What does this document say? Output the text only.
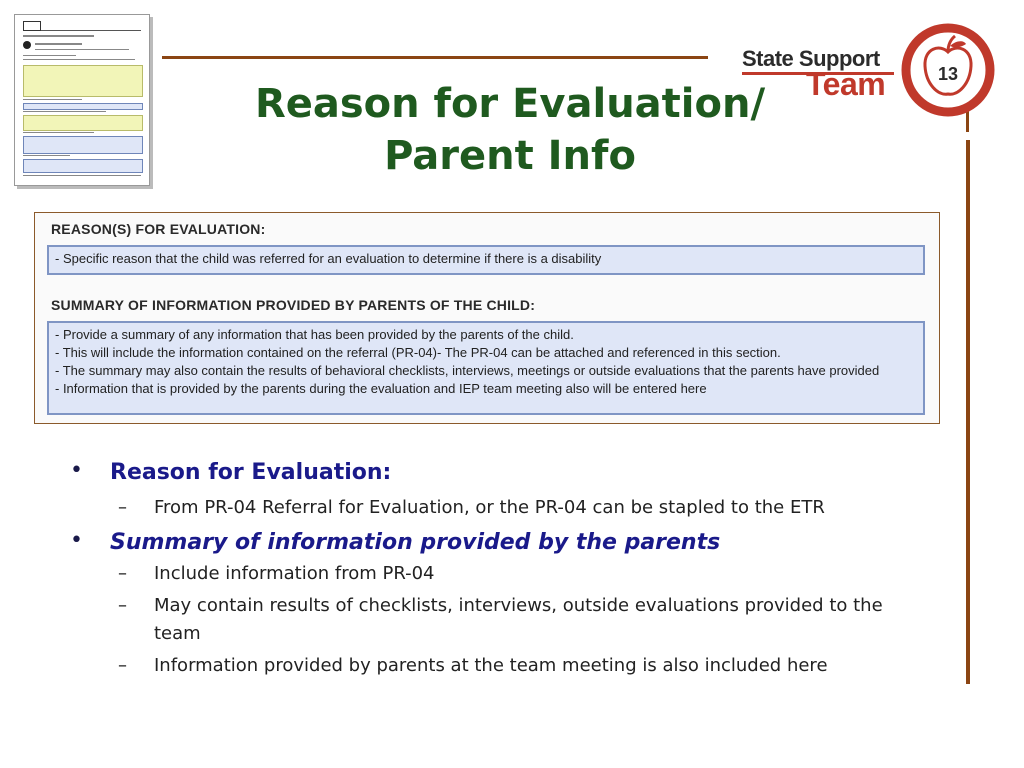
State Support
Team	13
Reason for Evaluation/
Parent Info
REASON(S) FOR EVALUATION:
- Specific reason that the child was referred for an evaluation to determine if there is a disability
SUMMARY OF INFORMATION PROVIDED BY PARENTS OF THE CHILD:
- Provide a summary of any information that has been provided by the parents of the child.
- This will include the information contained on the referral (PR-04)- The PR-04 can be attached and referenced in this section.
- The summary may also contain the results of behavioral checklists, interviews, meetings or outside evaluations that the parents have provided
- Information that is provided by the parents during the evaluation and IEP team meeting also will be entered here
• Reason for Evaluation:
– From PR-04 Referral for Evaluation, or the PR-04 can be stapled to the ETR
• Summary of information provided by the parents
– Include information from PR-04
– May contain results of checklists, interviews, outside evaluations provided to the team
– Information provided by parents at the team meeting is also included here
